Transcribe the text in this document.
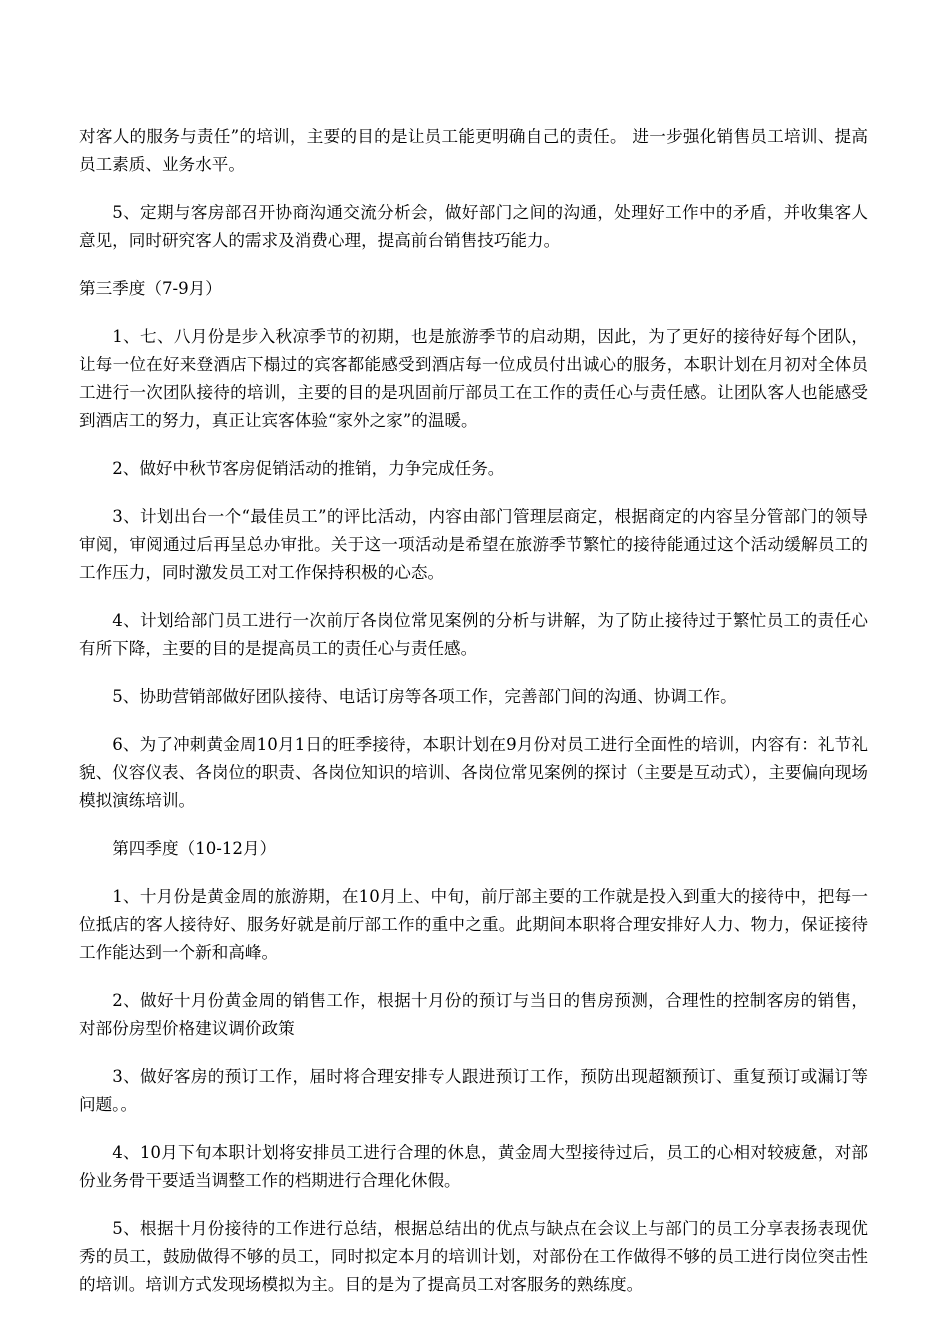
对客人的服务与责任”的培训，主要的目的是让员工能更明确自己的责任。 进一步强化销售员工培训、提高员工素质、业务水平。

5、定期与客房部召开协商沟通交流分析会，做好部门之间的沟通，处理好工作中的矛盾，并收集客人意见，同时研究客人的需求及消费心理，提高前台销售技巧能力。

第三季度（7-9月）

1、七、八月份是步入秋凉季节的初期，也是旅游季节的启动期，因此，为了更好的接待好每个团队，让每一位在好来登酒店下榻过的宾客都能感受到酒店每一位成员付出诚心的服务，本职计划在月初对全体员工进行一次团队接待的培训，主要的目的是巩固前厅部员工在工作的责任心与责任感。让团队客人也能感受到酒店工的努力，真正让宾客体验“家外之家”的温暖。

2、做好中秋节客房促销活动的推销，力争完成任务。

3、计划出台一个“最佳员工”的评比活动，内容由部门管理层商定，根据商定的内容呈分管部门的领导审阅，审阅通过后再呈总办审批。关于这一项活动是希望在旅游季节繁忙的接待能通过这个活动缓解员工的工作压力，同时激发员工对工作保持积极的心态。

4、计划给部门员工进行一次前厅各岗位常见案例的分析与讲解，为了防止接待过于繁忙员工的责任心有所下降，主要的目的是提高员工的责任心与责任感。

5、协助营销部做好团队接待、电话订房等各项工作，完善部门间的沟通、协调工作。

6、为了冲刺黄金周10月1日的旺季接待，本职计划在9月份对员工进行全面性的培训，内容有：礼节礼貌、仪容仪表、各岗位的职责、各岗位知识的培训、各岗位常见案例的探讨（主要是互动式），主要偏向现场模拟演练培训。

第四季度（10-12月）

1、十月份是黄金周的旅游期，在10月上、中旬，前厅部主要的工作就是投入到重大的接待中，把每一位抵店的客人接待好、服务好就是前厅部工作的重中之重。此期间本职将合理安排好人力、物力，保证接待工作能达到一个新和高峰。

2、做好十月份黄金周的销售工作，根据十月份的预订与当日的售房预测，合理性的控制客房的销售，对部份房型价格建议调价政策

3、做好客房的预订工作，届时将合理安排专人跟进预订工作，预防出现超额预订、重复预订或漏订等问题。。

4、10月下旬本职计划将安排员工进行合理的休息，黄金周大型接待过后，员工的心相对较疲惫，对部份业务骨干要适当调整工作的档期进行合理化休假。

5、根据十月份接待的工作进行总结，根据总结出的优点与缺点在会议上与部门的员工分享表扬表现优秀的员工，鼓励做得不够的员工，同时拟定本月的培训计划，对部份在工作做得不够的员工进行岗位突击性的培训。培训方式发现场模拟为主。目的是为了提高员工对客服务的熟练度。
